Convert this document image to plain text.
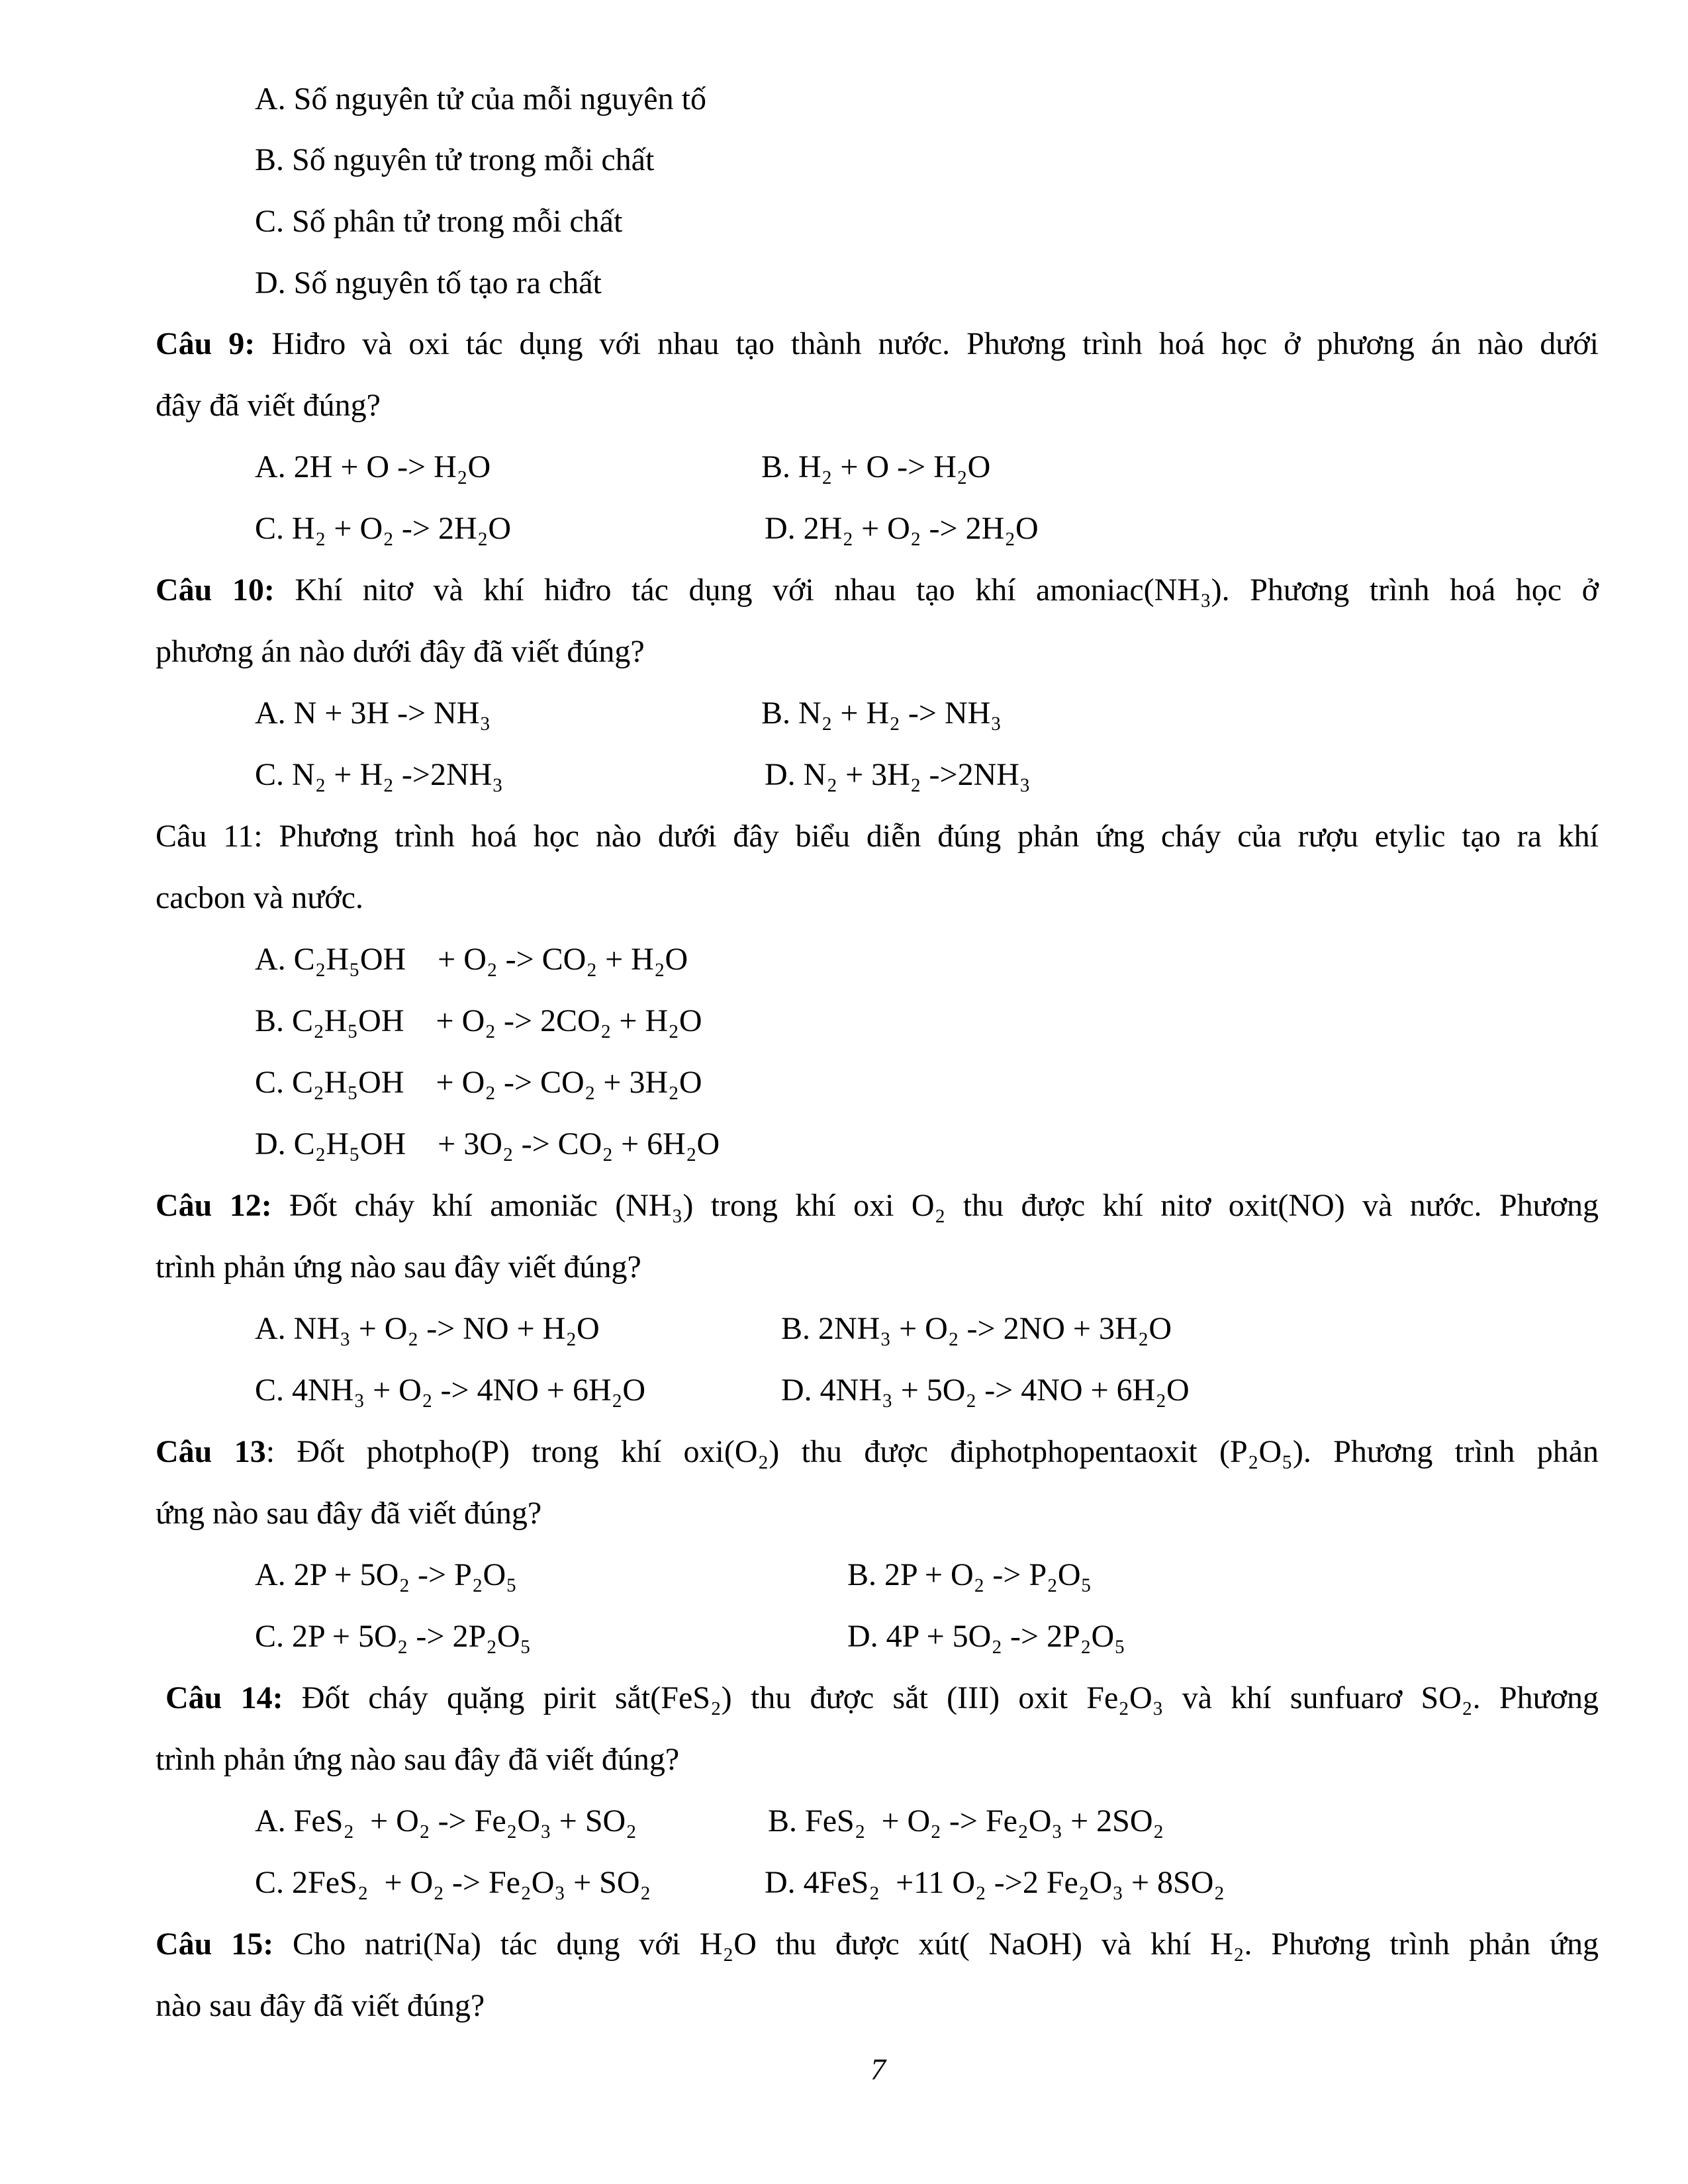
A. Số nguyên tử của mỗi nguyên tố
B. Số nguyên tử trong mỗi chất
C. Số phân tử trong mỗi chất
D. Số nguyên tố tạo ra chất
Câu 9: Hiđro và oxi tác dụng với nhau tạo thành nước. Phương trình hoá học ở phương án nào dưới
đây đã viết đúng?
A. 2H + O -> H₂O	B. H₂ + O -> H₂O
C. H₂ + O₂ -> 2H₂O	D. 2H₂ + O₂ -> 2H₂O
Câu 10: Khí nitơ và khí hiđro tác dụng với nhau tạo khí amoniac(NH₃). Phương trình hoá học ở
phương án nào dưới đây đã viết đúng?
A. N + 3H -> NH₃	B. N₂ + H₂ -> NH₃
C. N₂ + H₂ ->2NH₃	D. N₂ + 3H₂ ->2NH₃
Câu 11: Phương trình hoá học nào dưới đây biểu diễn đúng phản ứng cháy của rượu etylic tạo ra khí
cacbon và nước.
A. C₂H₅OH    + O₂ -> CO₂ + H₂O
B. C₂H₅OH    + O₂ -> 2CO₂ + H₂O
C. C₂H₅OH    + O₂ -> CO₂ + 3H₂O
D. C₂H₅OH    + 3O₂ -> CO₂ + 6H₂O
Câu 12: Đốt cháy khí amoniăc (NH₃) trong khí oxi O₂ thu được khí nitơ oxit(NO) và nước. Phương
trình phản ứng nào sau đây viết đúng?
A. NH₃ + O₂ -> NO + H₂O	B. 2NH₃ + O₂ -> 2NO + 3H₂O
C. 4NH₃ + O₂ -> 4NO + 6H₂O	D. 4NH₃ + 5O₂ -> 4NO + 6H₂O
Câu 13: Đốt photpho(P) trong khí oxi(O₂) thu được điphotphopentaoxit (P₂O₅). Phương trình phản
ứng nào sau đây đã viết đúng?
A. 2P + 5O₂ -> P₂O₅	B. 2P + O₂ -> P₂O₅
C. 2P + 5O₂ -> 2P₂O₅	D. 4P + 5O₂ -> 2P₂O₅
Câu 14: Đốt cháy quặng pirit sắt(FeS₂) thu được sắt (III) oxit Fe₂O₃ và khí sunfuarơ SO₂. Phương
trình phản ứng nào sau đây đã viết đúng?
A. FeS₂  + O₂ -> Fe₂O₃ + SO₂	B. FeS₂  + O₂ -> Fe₂O₃ + 2SO₂
C. 2FeS₂  + O₂ -> Fe₂O₃ + SO₂	D. 4FeS₂  +11 O₂ ->2 Fe₂O₃ + 8SO₂
Câu 15: Cho natri(Na) tác dụng với H₂O thu được xút( NaOH) và khí H₂. Phương trình phản ứng
nào sau đây đã viết đúng?
7
